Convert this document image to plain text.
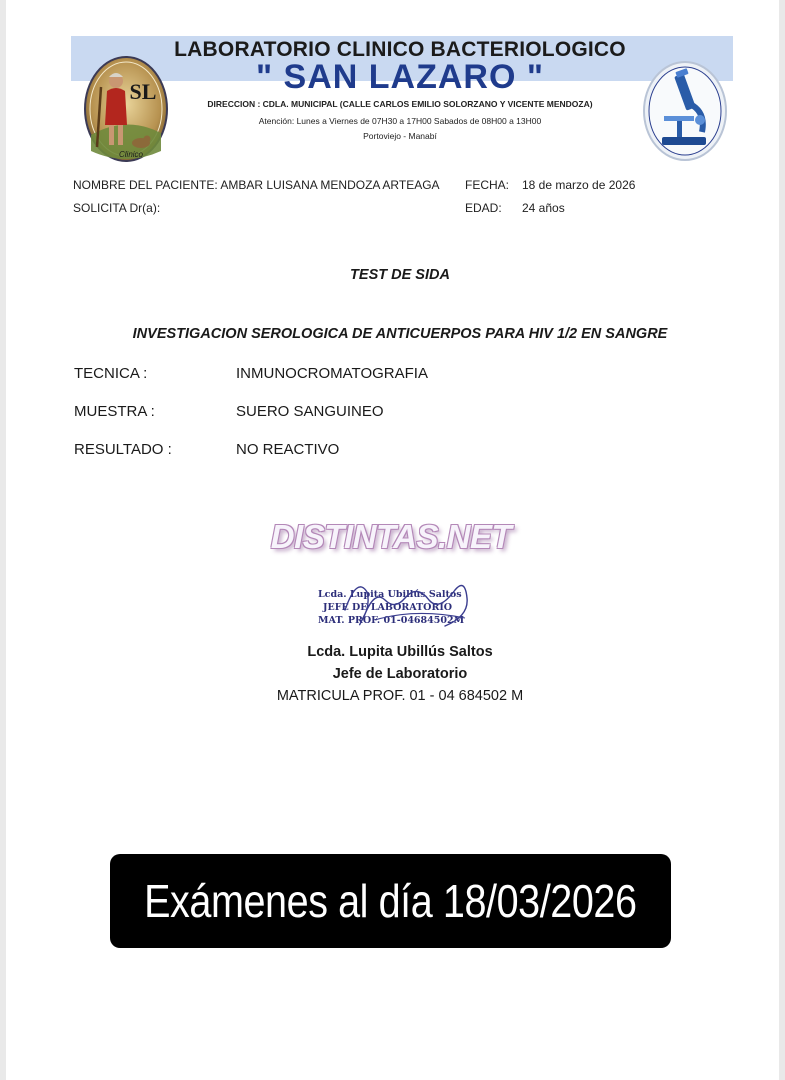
LABORATORIO CLINICO BACTERIOLOGICO
" SAN LAZARO "
DIRECCION : CDLA. MUNICIPAL (CALLE CARLOS EMILIO SOLORZANO Y VICENTE MENDOZA)
Atención: Lunes a Viernes de 07H30 a 17H00 Sabados de 08H00 a 13H00
Portoviejo - Manabí
SL
Clinico
NOMBRE DEL PACIENTE: AMBAR LUISANA MENDOZA ARTEAGA
SOLICITA Dr(a):
FECHA: 18 de marzo de 2026
EDAD: 24 años
TEST DE SIDA
INVESTIGACION SEROLOGICA DE ANTICUERPOS PARA HIV 1/2 EN SANGRE
TECNICA :	INMUNOCROMATOGRAFIA
MUESTRA :	SUERO SANGUINEO
RESULTADO :	NO REACTIVO
DISTINTAS.NET
Lcda. Lupita Ubillús Saltos
JEFE DE LABORATORIO
MAT. PROF. 01-04684502M
Lcda. Lupita Ubillús Saltos
Jefe de Laboratorio
MATRICULA PROF. 01 - 04 684502 M
Exámenes al día 18/03/2026
